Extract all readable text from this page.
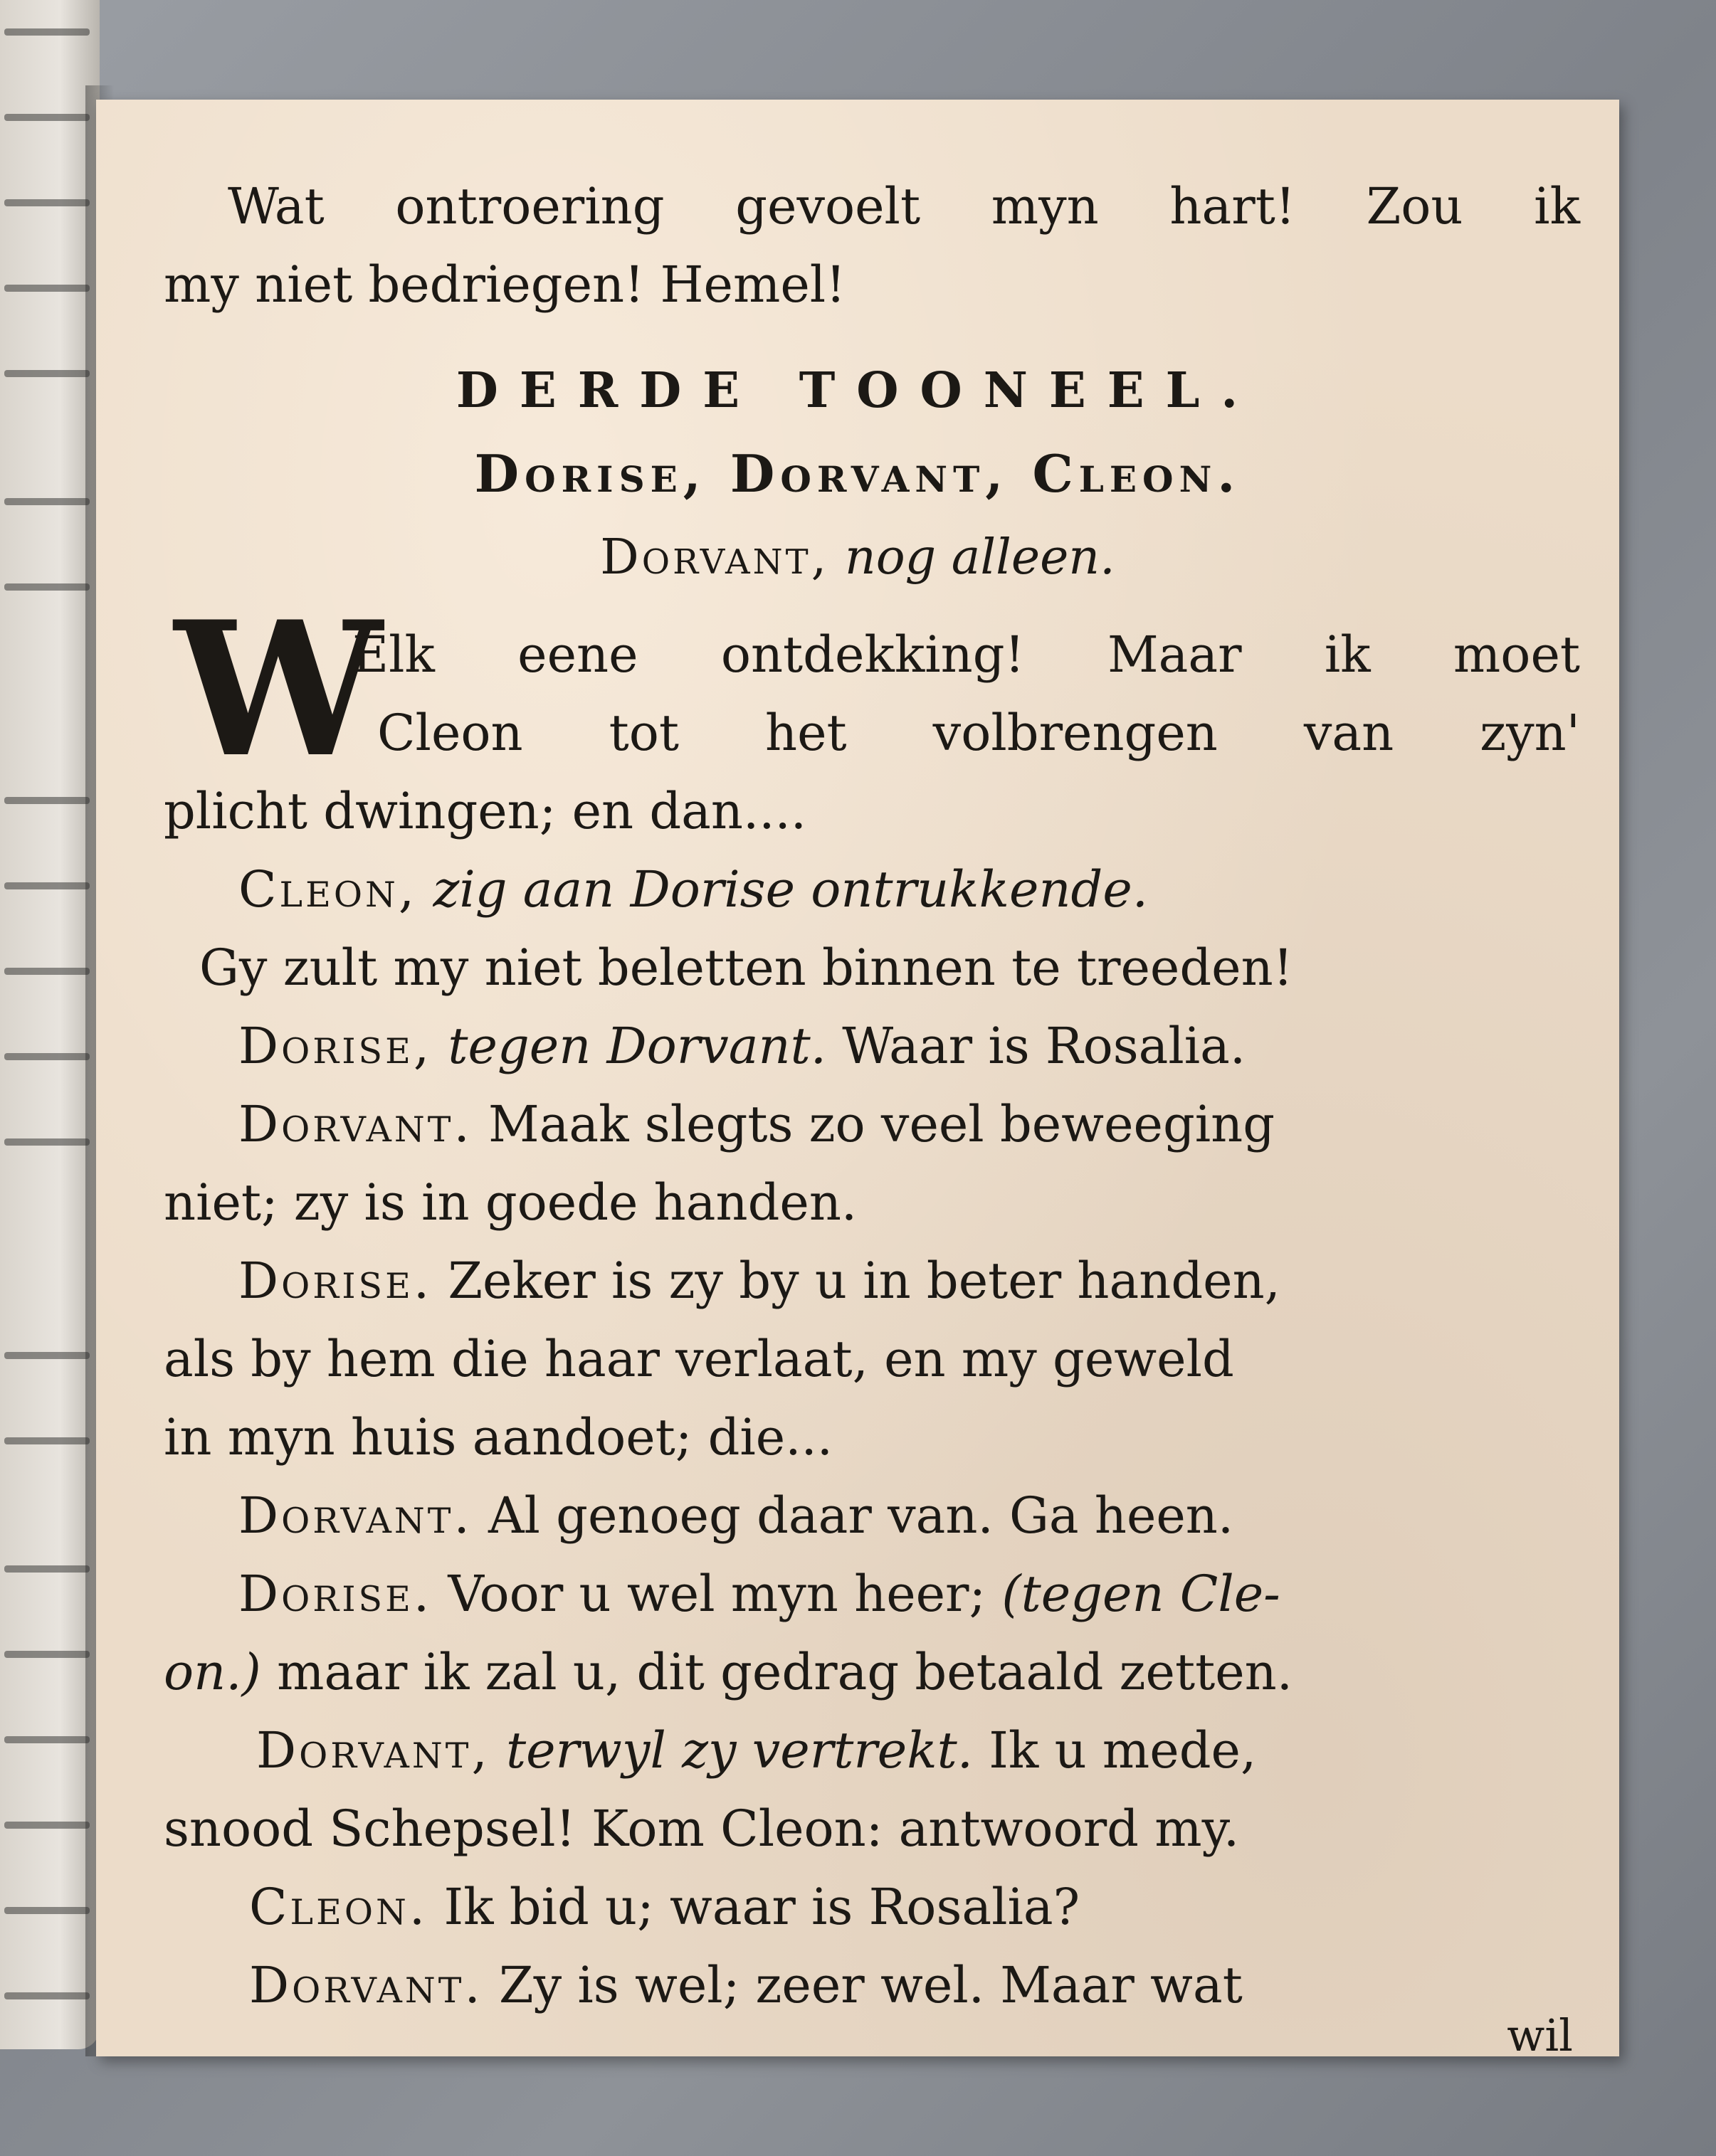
Wat ontroering gevoelt myn hart! Zou ik
my niet bedriegen! Hemel!
DERDE TOONEEL.
Dorise, Dorvant, Cleon.
Dorvant, nog alleen.
W
Elk eene ontdekking! Maar ik moet
Cleon tot het volbrengen van zyn'
plicht dwingen; en dan....
Cleon, zig aan Dorise ontrukkende.
Gy zult my niet beletten binnen te treeden!
Dorise, tegen Dorvant. Waar is Rosalia.
Dorvant. Maak slegts zo veel beweeging
niet; zy is in goede handen.
Dorise. Zeker is zy by u in beter handen,
als by hem die haar verlaat, en my geweld
in myn huis aandoet; die...
Dorvant. Al genoeg daar van. Ga heen.
Dorise. Voor u wel myn heer; (tegen Cle-
on.) maar ik zal u, dit gedrag betaald zetten.
Dorvant, terwyl zy vertrekt. Ik u mede,
snood Schepsel! Kom Cleon: antwoord my.
Cleon. Ik bid u; waar is Rosalia?
Dorvant. Zy is wel; zeer wel. Maar wat
wil
